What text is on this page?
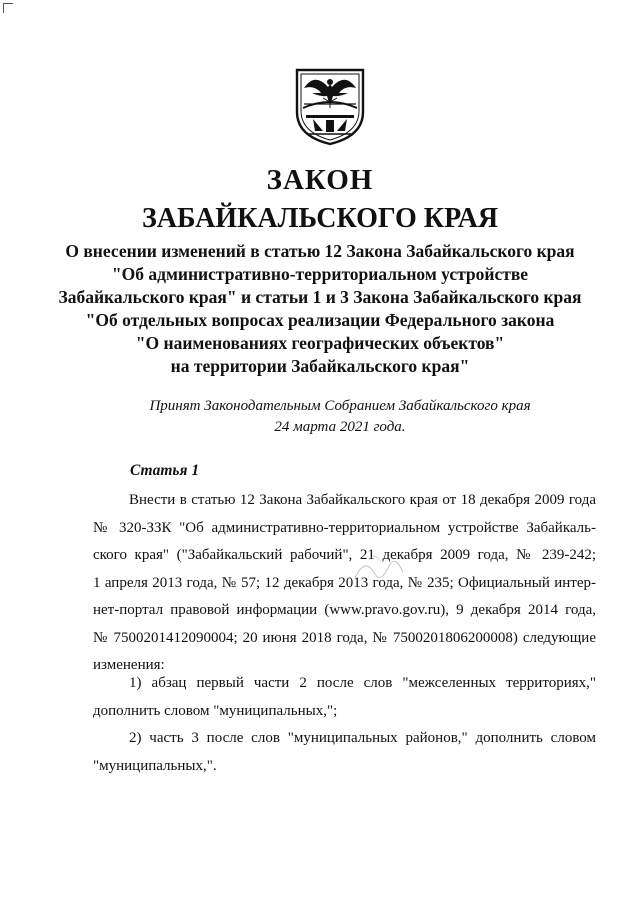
ЗАКОН
ЗАБАЙКАЛЬСКОГО КРАЯ
О внесении изменений в статью 12 Закона Забайкальского края
"Об административно-территориальном устройстве
Забайкальского края" и статьи 1 и 3 Закона Забайкальского края
"Об отдельных вопросах реализации Федерального закона
"О наименованиях географических объектов"
на территории Забайкальского края"
Принят Законодательным Собранием Забайкальского края
24 марта 2021 года.
Статья 1
Внести в статью 12 Закона Забайкальского края от 18 декабря 2009 года
№ 320-ЗЗК "Об административно-территориальном устройстве Забайкаль-
ского края" ("Забайкальский рабочий", 21 декабря 2009 года, № 239-242;
1 апреля 2013 года, № 57; 12 декабря 2013 года, № 235; Официальный интер-
нет-портал правовой информации (www.pravo.gov.ru), 9 декабря 2014 года,
№ 7500201412090004; 20 июня 2018 года, № 7500201806200008) следующие
изменения:
1) абзац первый части 2 после слов "межселенных территориях,"
дополнить словом "муниципальных,";
2) часть 3 после слов "муниципальных районов," дополнить словом
"муниципальных,".
